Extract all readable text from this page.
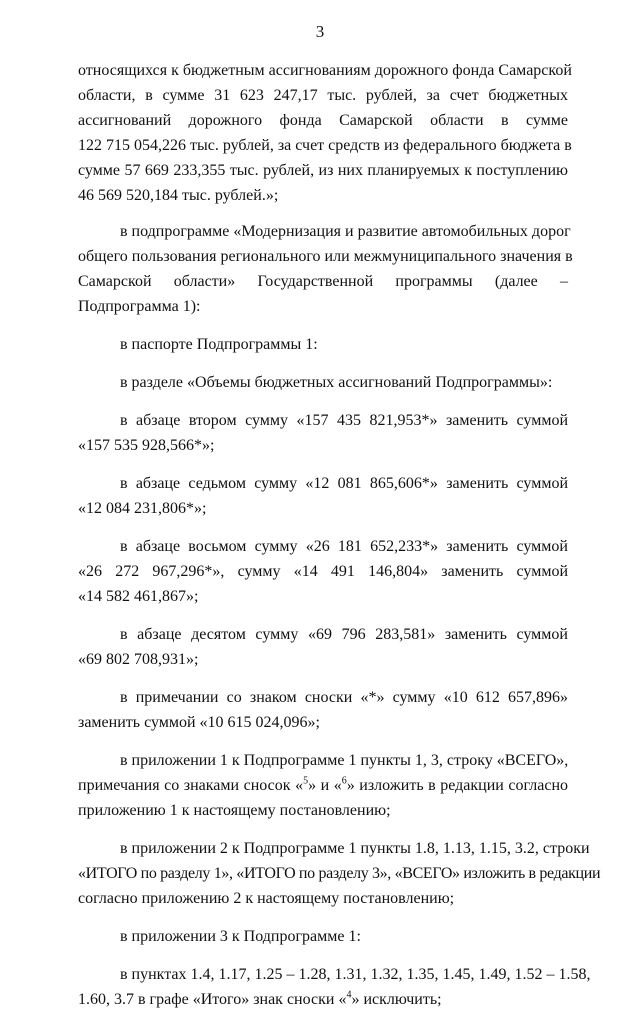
3

относящихся к бюджетным ассигнованиям дорожного фонда Самарской
области, в сумме 31 623 247,17 тыс. рублей, за счет бюджетных
ассигнований дорожного фонда Самарской области в сумме
122 715 054,226 тыс. рублей, за счет средств из федерального бюджета в
сумме 57 669 233,355 тыс. рублей, из них планируемых к поступлению
46 569 520,184 тыс. рублей.»;

в подпрограмме «Модернизация и развитие автомобильных дорог
общего пользования регионального или межмуниципального значения в
Самарской области» Государственной программы (далее –
Подпрограмма 1):

в паспорте Подпрограммы 1:

в разделе «Объемы бюджетных ассигнований Подпрограммы»:

в абзаце втором сумму «157 435 821,953*» заменить суммой
«157 535 928,566*»;

в абзаце седьмом сумму «12 081 865,606*» заменить суммой
«12 084 231,806*»;

в абзаце восьмом сумму «26 181 652,233*» заменить суммой
«26 272 967,296*», сумму «14 491 146,804» заменить суммой
«14 582 461,867»;

в абзаце десятом сумму «69 796 283,581» заменить суммой
«69 802 708,931»;

в примечании со знаком сноски «*» сумму «10 612 657,896»
заменить суммой «10 615 024,096»;

в приложении 1 к Подпрограмме 1 пункты 1, 3, строку «ВСЕГО»,
примечания со знаками сносок «$^5$» и «$^6$» изложить в редакции согласно
приложению 1 к настоящему постановлению;

в приложении 2 к Подпрограмме 1 пункты 1.8, 1.13, 1.15, 3.2, строки
«ИТОГО по разделу 1», «ИТОГО по разделу 3», «ВСЕГО» изложить в редакции
согласно приложению 2 к настоящему постановлению;

в приложении 3 к Подпрограмме 1:

в пунктах 1.4, 1.17, 1.25 – 1.28, 1.31, 1.32, 1.35, 1.45, 1.49, 1.52 – 1.58,
1.60, 3.7 в графе «Итого» знак сноски «$^4$» исключить;
